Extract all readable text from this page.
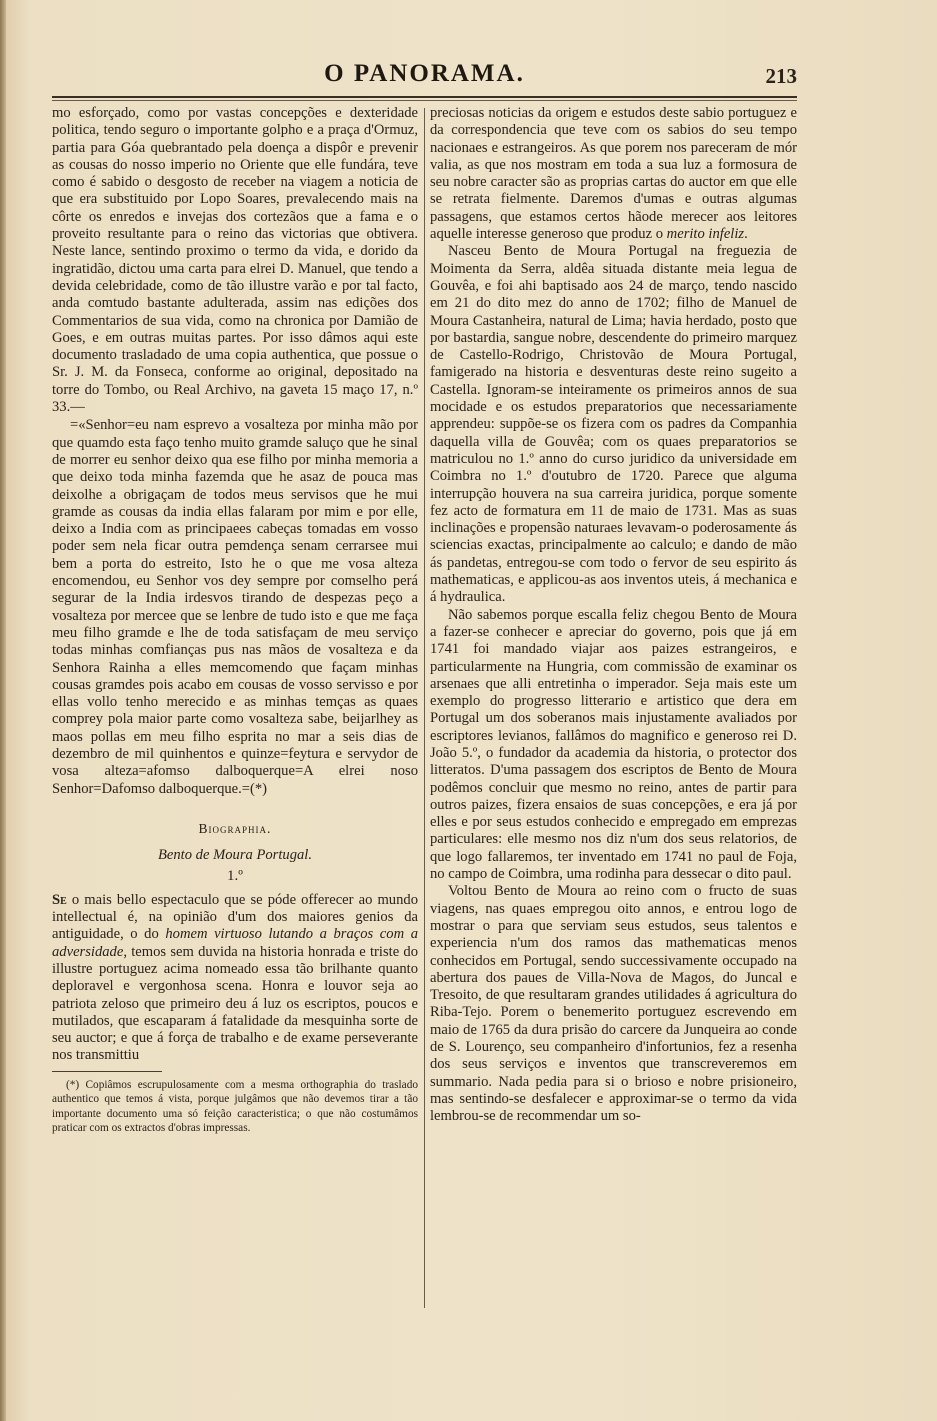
O PANORAMA.	213

mo esforçado, como por vastas concepções e dexteridade politica, tendo seguro o importante golpho e a praça d'Ormuz, partia para Góa quebrantado pela doença a dispôr e prevenir as cousas do nosso imperio no Oriente que elle fundára, teve como é sabido o desgosto de receber na viagem a noticia de que era substituido por Lopo Soares, prevalecendo mais na côrte os enredos e invejas dos cortezãos que a fama e o proveito resultante para o reino das victorias que obtivera. Neste lance, sentindo proximo o termo da vida, e dorido da ingratidão, dictou uma carta para elrei D. Manuel, que tendo a devida celebridade, como de tão illustre varão e por tal facto, anda comtudo bastante adulterada, assim nas edições dos Commentarios de sua vida, como na chronica por Damião de Goes, e em outras muitas partes. Por isso dâmos aqui este documento trasladado de uma copia authentica, que possue o Sr. J. M. da Fonseca, conforme ao original, depositado na torre do Tombo, ou Real Archivo, na gaveta 15 maço 17, n.º 33.—

=«Senhor=eu nam esprevo a vosalteza por minha mão por que quamdo esta faço tenho muito gramde saluço que he sinal de morrer eu senhor deixo qua ese filho por minha memoria a que deixo toda minha fazemda que he asaz de pouca mas deixolhe a obrigaçam de todos meus servisos que he mui gramde as cousas da india ellas falaram por mim e por elle, deixo a India com as principaees cabeças tomadas em vosso poder sem nela ficar outra pemdença senam cerrarsee mui bem a porta do estreito, Isto he o que me vosa alteza encomendou, eu Senhor vos dey sempre por comselho perá segurar de la India irdesvos tirando de despezas peço a vosalteza por mercee que se lenbre de tudo isto e que me faça meu filho gramde e lhe de toda satisfaçam de meu serviço todas minhas comfianças pus nas mãos de vosalteza e da Senhora Rainha a elles memcomendo que façam minhas cousas gramdes pois acabo em cousas de vosso servisso e por ellas vollo tenho merecido e as minhas temças as quaes comprey pola maior parte como vosalteza sabe, beijarlhey as maos pollas em meu filho esprita no mar a seis dias de dezembro de mil quinhentos e quinze=feytura e servydor de vosa alteza=afomso dalboquerque=A elrei noso Senhor=Dafomso dalboquerque.=(*)

Biographia.
Bento de Moura Portugal.
1.º

Se o mais bello espectaculo que se póde offerecer ao mundo intellectual é, na opinião d'um dos maiores genios da antiguidade, o do homem virtuoso lutando a braços com a adversidade, temos sem duvida na historia honrada e triste do illustre portuguez acima nomeado essa tão brilhante quanto deploravel e vergonhosa scena. Honra e louvor seja ao patriota zeloso que primeiro deu á luz os escriptos, poucos e mutilados, que escaparam á fatalidade da mesquinha sorte de seu auctor; e que á força de trabalho e de exame perseverante nos transmittiu

(*) Copiâmos escrupulosamente com a mesma orthographia do traslado authentico que temos á vista, porque julgâmos que não devemos tirar a tão importante documento uma só feição caracteristica; o que não costumâmos praticar com os extractos d'obras impressas.

preciosas noticias da origem e estudos deste sabio portuguez e da correspondencia que teve com os sabios do seu tempo nacionaes e estrangeiros. As que porem nos pareceram de mór valia, as que nos mostram em toda a sua luz a formosura de seu nobre caracter são as proprias cartas do auctor em que elle se retrata fielmente. Daremos d'umas e outras algumas passagens, que estamos certos hãode merecer aos leitores aquelle interesse generoso que produz o merito infeliz.

Nasceu Bento de Moura Portugal na freguezia de Moimenta da Serra, aldêa situada distante meia legua de Gouvêa, e foi ahi baptisado aos 24 de março, tendo nascido em 21 do dito mez do anno de 1702; filho de Manuel de Moura Castanheira, natural de Lima; havia herdado, posto que por bastardia, sangue nobre, descendente do primeiro marquez de Castello-Rodrigo, Christovão de Moura Portugal, famigerado na historia e desventuras deste reino sugeito a Castella. Ignoram-se inteiramente os primeiros annos de sua mocidade e os estudos preparatorios que necessariamente apprendeu: suppõe-se os fizera com os padres da Companhia daquella villa de Gouvêa; com os quaes preparatorios se matriculou no 1.º anno do curso juridico da universidade em Coimbra no 1.º d'outubro de 1720. Parece que alguma interrupção houvera na sua carreira juridica, porque somente fez acto de formatura em 11 de maio de 1731. Mas as suas inclinações e propensão naturaes levavam-o poderosamente ás sciencias exactas, principalmente ao calculo; e dando de mão ás pandetas, entregou-se com todo o fervor de seu espirito ás mathematicas, e applicou-as aos inventos uteis, á mechanica e á hydraulica.

Não sabemos porque escalla feliz chegou Bento de Moura a fazer-se conhecer e apreciar do governo, pois que já em 1741 foi mandado viajar aos paizes estrangeiros, e particularmente na Hungria, com commissão de examinar os arsenaes que alli entretinha o imperador. Seja mais este um exemplo do progresso litterario e artistico que dera em Portugal um dos soberanos mais injustamente avaliados por escriptores levianos, fallâmos do magnifico e generoso rei D. João 5.º, o fundador da academia da historia, o protector dos litteratos. D'uma passagem dos escriptos de Bento de Moura podêmos concluir que mesmo no reino, antes de partir para outros paizes, fizera ensaios de suas concepções, e era já por elles e por seus estudos conhecido e empregado em emprezas particulares: elle mesmo nos diz n'um dos seus relatorios, de que logo fallaremos, ter inventado em 1741 no paul de Foja, no campo de Coimbra, uma rodinha para dessecar o dito paul.

Voltou Bento de Moura ao reino com o fructo de suas viagens, nas quaes empregou oito annos, e entrou logo de mostrar o para que serviam seus estudos, seus talentos e experiencia n'um dos ramos das mathematicas menos conhecidos em Portugal, sendo successivamente occupado na abertura dos paues de Villa-Nova de Magos, do Juncal e Tresoito, de que resultaram grandes utilidades á agricultura do Riba-Tejo. Porem o benemerito portuguez escrevendo em maio de 1765 da dura prisão do carcere da Junqueira ao conde de S. Lourenço, seu companheiro d'infortunios, fez a resenha dos seus serviços e inventos que transcreveremos em summario. Nada pedia para si o brioso e nobre prisioneiro, mas sentindo-se desfalecer e approximar-se o termo da vida lembrou-se de recommendar um so-
